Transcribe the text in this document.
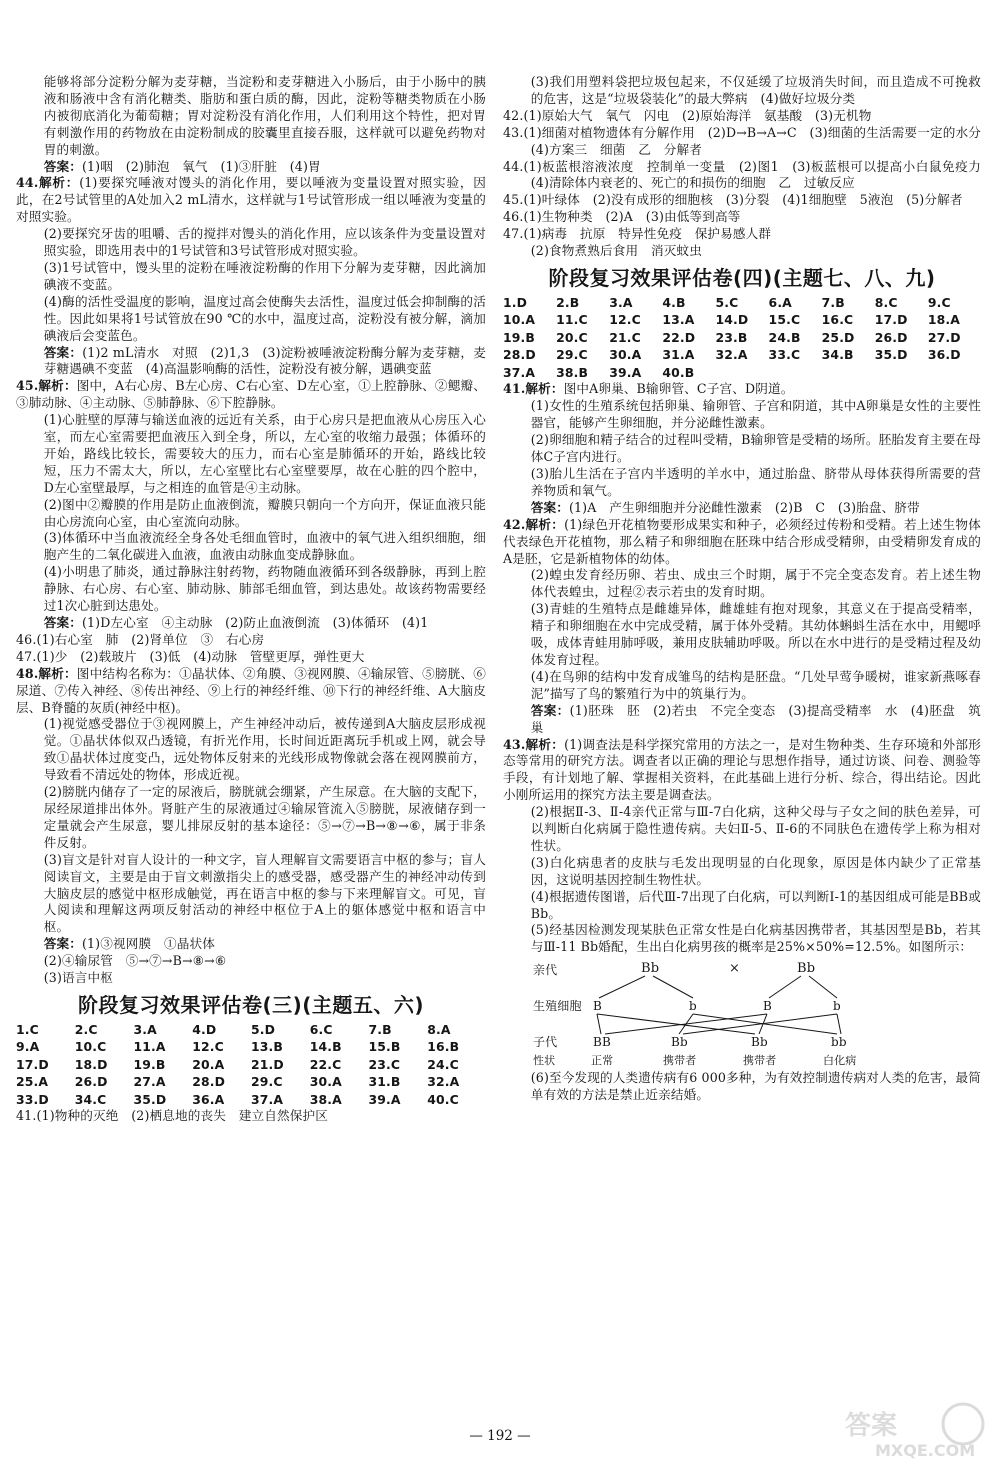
能够将部分淀粉分解为麦芽糖，当淀粉和麦芽糖进入小肠后，由于小肠中的胰液和肠液中含有消化糖类、脂肪和蛋白质的酶，因此，淀粉等糖类物质在小肠内被彻底消化为葡萄糖；胃对淀粉没有消化作用，人们利用这个特性，把对胃有刺激作用的药物放在由淀粉制成的胶囊里直接吞服，这样就可以避免药物对胃的刺激。

答案：(1)咽　(2)肺泡　氧气　(1)③肝脏　(4)胃

44.解析：(1)要探究唾液对馒头的消化作用，要以唾液为变量设置对照实验，因此，在2号试管里的A处加入2 mL清水，这样就与1号试管形成一组以唾液为变量的对照实验。

(2)要探究牙齿的咀嚼、舌的搅拌对馒头的消化作用，应以该条件为变量设置对照实验，即选用表中的1号试管和3号试管形成对照实验。

(3)1号试管中，馒头里的淀粉在唾液淀粉酶的作用下分解为麦芽糖，因此滴加碘液不变蓝。

(4)酶的活性受温度的影响，温度过高会使酶失去活性，温度过低会抑制酶的活性。因此如果将1号试管放在90 ℃的水中，温度过高，淀粉没有被分解，滴加碘液后会变蓝色。

答案：(1)2 mL清水　对照　(2)1,3　(3)淀粉被唾液淀粉酶分解为麦芽糖，麦芽糖遇碘不变蓝　(4)高温影响酶的活性，淀粉没有被分解，遇碘变蓝

45.解析：图中，A右心房、B左心房、C右心室、D左心室，①上腔静脉、②鳃瓣、③肺动脉、④主动脉、⑤肺静脉、⑥下腔静脉。

(1)心脏壁的厚薄与输送血液的远近有关系，由于心房只是把血液从心房压入心室，而左心室需要把血液压入到全身，所以，左心室的收缩力最强；体循环的开始，路线比较长，需要较大的压力，而右心室是肺循环的开始，路线比较短，压力不需太大，所以，左心室壁比右心室壁要厚，故在心脏的四个腔中，D左心室壁最厚，与之相连的血管是④主动脉。

(2)图中②瓣膜的作用是防止血液倒流，瓣膜只朝向一个方向开，保证血液只能由心房流向心室，由心室流向动脉。

(3)体循环中当血液流经全身各处毛细血管时，血液中的氧气进入组织细胞，细胞产生的二氧化碳进入血液，血液由动脉血变成静脉血。

(4)小明患了肺炎，通过静脉注射药物，药物随血液循环到各级静脉，再到上腔静脉、右心房、右心室、肺动脉、肺部毛细血管，到达患处。故该药物需要经过1次心脏到达患处。

答案：(1)D左心室　④主动脉　(2)防止血液倒流　(3)体循环　(4)1

46.(1)右心室　肺　(2)肾单位　③　右心房

47.(1)少　(2)载玻片　(3)低　(4)动脉　管壁更厚，弹性更大

48.解析：图中结构名称为：①晶状体、②角膜、③视网膜、④输尿管、⑤膀胱、⑥尿道、⑦传入神经、⑧传出神经、⑨上行的神经纤维、⑩下行的神经纤维、A大脑皮层、B脊髓的灰质(神经中枢)。

(1)视觉感受器位于③视网膜上，产生神经冲动后，被传递到A大脑皮层形成视觉。①晶状体似双凸透镜，有折光作用，长时间近距离玩手机或上网，就会导致①晶状体过度变凸，远处物体反射来的光线形成物像就会落在视网膜前方，导致看不清远处的物体，形成近视。

(2)膀胱内储存了一定的尿液后，膀胱就会绷紧，产生尿意。在大脑的支配下，尿经尿道排出体外。肾脏产生的尿液通过④输尿管流入⑤膀胱，尿液储存到一定量就会产生尿意，婴儿排尿反射的基本途径：⑤→⑦→B→⑧→⑥，属于非条件反射。

(3)盲文是针对盲人设计的一种文字，盲人理解盲文需要语言中枢的参与；盲人阅读盲文，主要是由于盲文刺激指尖上的感受器，感受器产生的神经冲动传到大脑皮层的感觉中枢形成触觉，再在语言中枢的参与下来理解盲文。可见，盲人阅读和理解这两项反射活动的神经中枢位于A上的躯体感觉中枢和语言中枢。

答案：(1)③视网膜　①晶状体

(2)④输尿管　⑤→⑦→B→⑧→⑥

(3)语言中枢

阶段复习效果评估卷(三)(主题五、六)
1.C	2.C	3.A	4.D	5.D	6.C	7.B	8.A
9.A	10.C	11.A	12.C	13.B	14.B	15.B	16.B
17.D	18.D	19.B	20.A	21.D	22.C	23.C	24.C
25.A	26.D	27.A	28.D	29.C	30.A	31.B	32.A
33.D	34.C	35.D	36.A	37.A	38.A	39.A	40.C

41.(1)物种的灭绝　(2)栖息地的丧失　建立自然保护区

(3)我们用塑料袋把垃圾包起来，不仅延缓了垃圾消失时间，而且造成不可挽救的危害，这是“垃圾袋装化”的最大弊病　(4)做好垃圾分类

42.(1)原始大气　氧气　闪电　(2)原始海洋　氨基酸　(3)无机物

43.(1)细菌对植物遗体有分解作用　(2)D→B→A→C　(3)细菌的生活需要一定的水分　(4)方案三　细菌　乙　分解者

44.(1)板蓝根溶液浓度　控制单一变量　(2)图1　(3)板蓝根可以提高小白鼠免疫力　(4)清除体内衰老的、死亡的和损伤的细胞　乙　过敏反应

45.(1)叶绿体　(2)没有成形的细胞核　(3)分裂　(4)1细胞壁　5液泡　(5)分解者

46.(1)生物种类　(2)A　(3)由低等到高等

47.(1)病毒　抗原　特异性免疫　保护易感人群

(2)食物煮熟后食用　消灭蚊虫

阶段复习效果评估卷(四)(主题七、八、九)
1.D	2.B	3.A	4.B	5.C	6.A	7.B	8.C	9.C
10.A	11.C	12.C	13.A	14.D	15.C	16.C	17.D	18.A
19.B	20.C	21.C	22.D	23.B	24.B	25.D	26.D	27.D
28.D	29.C	30.A	31.A	32.A	33.C	34.B	35.D	36.D
37.A	38.B	39.A	40.B

41.解析：图中A卵巢、B输卵管、C子宫、D阴道。

(1)女性的生殖系统包括卵巢、输卵管、子宫和阴道，其中A卵巢是女性的主要性器官，能够产生卵细胞，并分泌雌性激素。

(2)卵细胞和精子结合的过程叫受精，B输卵管是受精的场所。胚胎发育主要在母体C子宫内进行。

(3)胎儿生活在子宫内半透明的羊水中，通过胎盘、脐带从母体获得所需要的营养物质和氧气。

答案：(1)A　产生卵细胞并分泌雌性激素　(2)B　C　(3)胎盘、脐带

42.解析：(1)绿色开花植物要形成果实和种子，必须经过传粉和受精。若上述生物体代表绿色开花植物，那么精子和卵细胞在胚珠中结合形成受精卵，由受精卵发育成的A是胚，它是新植物体的幼体。

(2)蝗虫发育经历卵、若虫、成虫三个时期，属于不完全变态发育。若上述生物体代表蝗虫，过程②表示若虫的发育时期。

(3)青蛙的生殖特点是雌雄异体，雌雄蛙有抱对现象，其意义在于提高受精率，精子和卵细胞在水中完成受精，属于体外受精。其幼体蝌蚪生活在水中，用鳃呼吸，成体青蛙用肺呼吸，兼用皮肤辅助呼吸。所以在水中进行的是受精过程及幼体发育过程。

(4)在鸟卵的结构中发育成雏鸟的结构是胚盘。“几处早莺争暖树，谁家新燕啄春泥”描写了鸟的繁殖行为中的筑巢行为。

答案：(1)胚珠　胚　(2)若虫　不完全变态　(3)提高受精率　水　(4)胚盘　筑巢

43.解析：(1)调查法是科学探究常用的方法之一，是对生物种类、生存环境和外部形态等常用的研究方法。调查者以正确的理论与思想作指导，通过访谈、问卷、测验等手段，有计划地了解、掌握相关资料，在此基础上进行分析、综合，得出结论。因此小刚所运用的探究方法主要是调查法。

(2)根据Ⅱ-3、Ⅱ-4亲代正常与Ⅲ-7白化病，这种父母与子女之间的肤色差异，可以判断白化病属于隐性遗传病。夫妇Ⅱ-5、Ⅱ-6的不同肤色在遗传学上称为相对性状。

(3)白化病患者的皮肤与毛发出现明显的白化现象，原因是体内缺少了正常基因，这说明基因控制生物性状。

(4)根据遗传图谱，后代Ⅲ-7出现了白化病，可以判断Ⅰ-1的基因组成可能是BB或Bb。

(5)经基因检测发现某肤色正常女性是白化病基因携带者，其基因型是Bb，若其与Ⅲ-11 Bb婚配，生出白化病男孩的概率是25%×50%=12.5%。如图所示：

亲代	Bb	×	Bb
生殖细胞 B	b	B	b
子代	BB	Bb	Bb	bb
性状	正常	携带者	携带者	白化病

(6)至今发现的人类遗传病有6 000多种，为有效控制遗传病对人类的危害，最简单有效的方法是禁止近亲结婚。

— 192 —	答案
MXQE.COM
